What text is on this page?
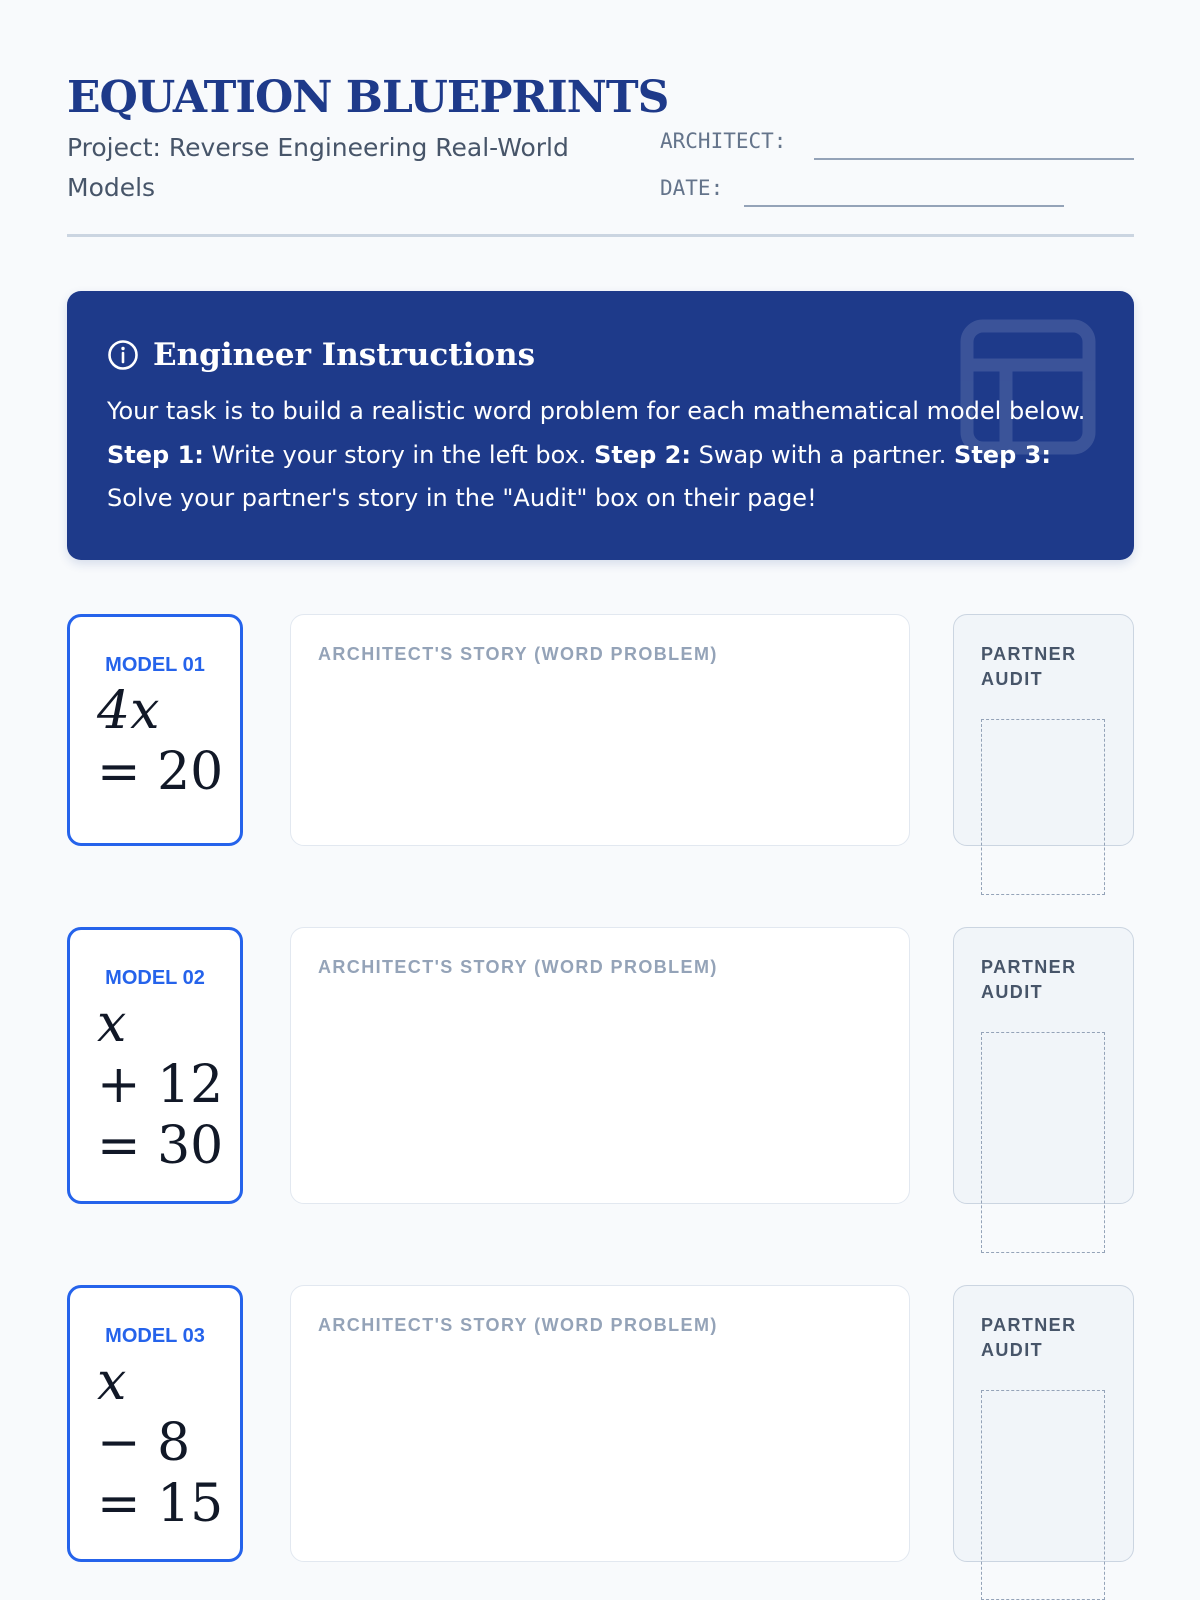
EQUATION BLUEPRINTS
Project: Reverse Engineering Real-World Models
ARCHITECT:
DATE:
Engineer Instructions

Your task is to build a realistic word problem for each mathematical model below. Step 1: Write your story in the left box. Step 2: Swap with a partner. Step 3: Solve your partner's story in the "Audit" box on their page!

MODEL 01
4x
= 20
ARCHITECT'S STORY (WORD PROBLEM)	PARTNER AUDIT
MODEL 02
x
+ 12
= 30
ARCHITECT'S STORY (WORD PROBLEM)	PARTNER AUDIT
MODEL 03
x
− 8
= 15
ARCHITECT'S STORY (WORD PROBLEM)	PARTNER AUDIT
